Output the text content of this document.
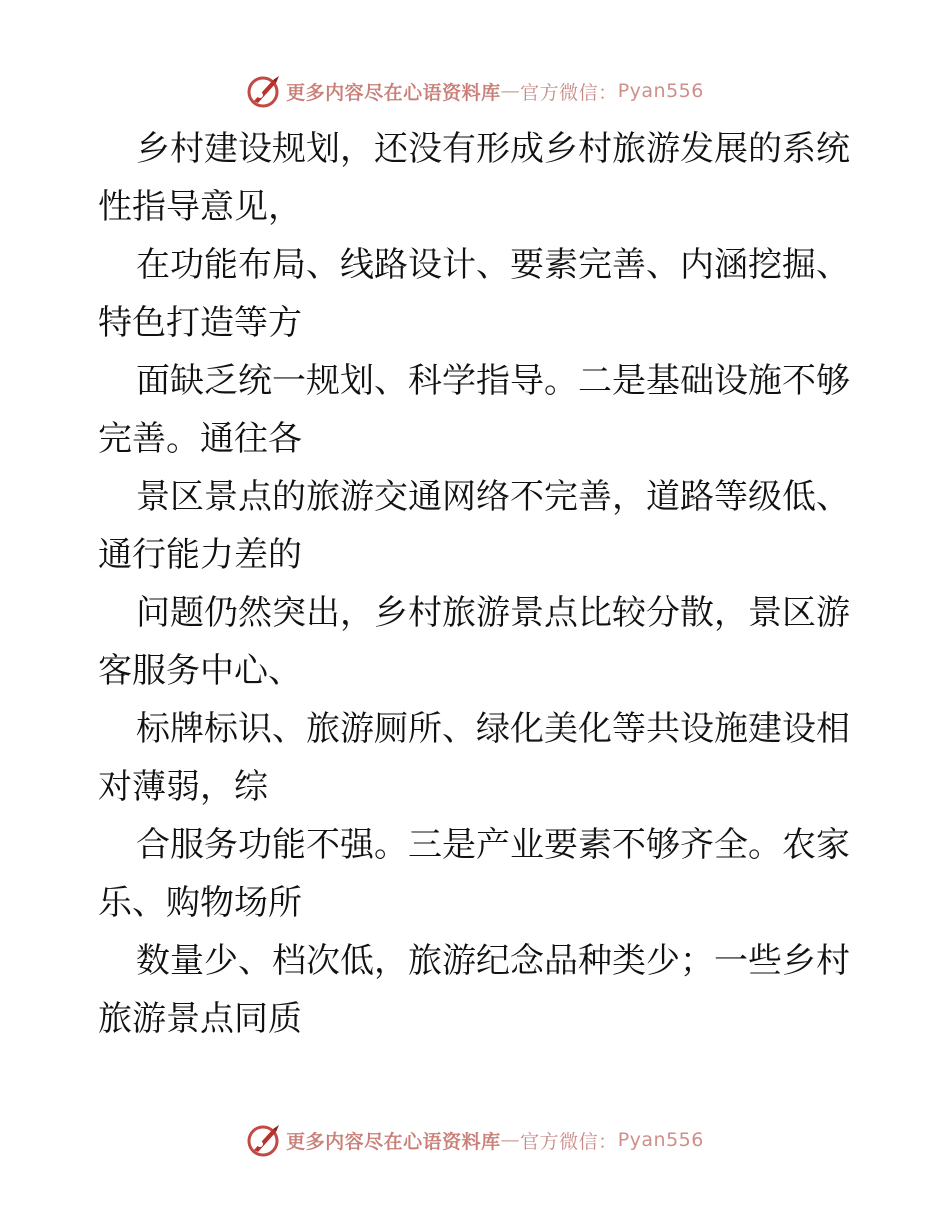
更多内容尽在心语资料库 — 官方微信： Pyan556

乡村建设规划，还没有形成乡村旅游发展的系统
性指导意见，

在功能布局、线路设计、要素完善、内涵挖掘、
特色打造等方

面缺乏统一规划、科学指导。二是基础设施不够
完善。通往各

景区景点的旅游交通网络不完善，道路等级低、
通行能力差的

问题仍然突出，乡村旅游景点比较分散，景区游
客服务中心、

标牌标识、旅游厕所、绿化美化等共设施建设相
对薄弱，综

合服务功能不强。三是产业要素不够齐全。农家
乐、购物场所

数量少、档次低，旅游纪念品种类少；一些乡村
旅游景点同质

更多内容尽在心语资料库 — 官方微信： Pyan556
